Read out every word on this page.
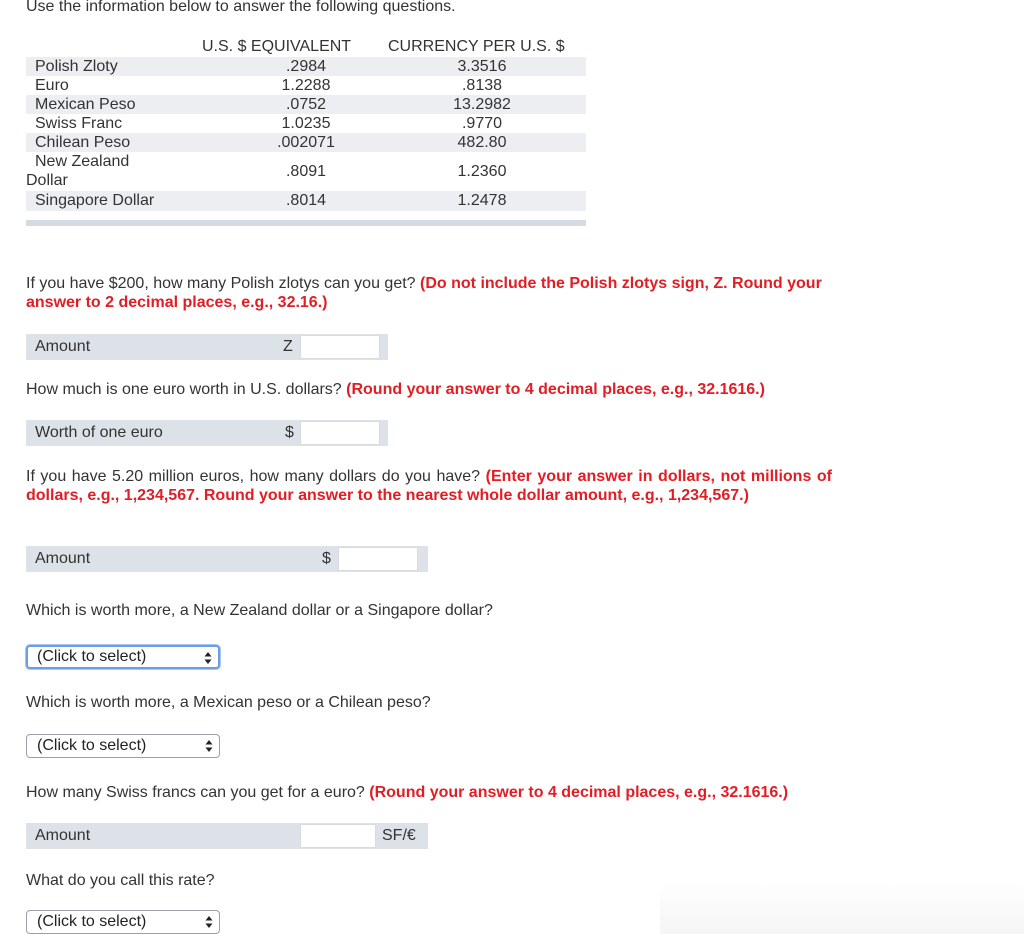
Use the information below to answer the following questions.
U.S. $ EQUIVALENT CURRENCY PER U.S. $
Polish Zloty	.2984	3.3516
Euro	1.2288	.8138
Mexican Peso	.0752	13.2982
Swiss Franc	1.0235	.9770
Chilean Peso	.002071	482.80
New Zealand
Dollar
.8091	1.2360
Singapore Dollar	.8014	1.2478
If you have $200, how many Polish zlotys can you get? (Do not include the Polish zlotys sign, Z. Round your answer to 2 decimal places, e.g., 32.16.)
Amount	Z
How much is one euro worth in U.S. dollars? (Round your answer to 4 decimal places, e.g., 32.1616.)
Worth of one euro	$
If you have 5.20 million euros, how many dollars do you have? (Enter your answer in dollars, not millions of dollars, e.g., 1,234,567. Round your answer to the nearest whole dollar amount, e.g., 1,234,567.)
Amount	$
Which is worth more, a New Zealand dollar or a Singapore dollar?
(Click to select)
Which is worth more, a Mexican peso or a Chilean peso?
(Click to select)
How many Swiss francs can you get for a euro? (Round your answer to 4 decimal places, e.g., 32.1616.)
Amount	SF/€
What do you call this rate?
(Click to select)
